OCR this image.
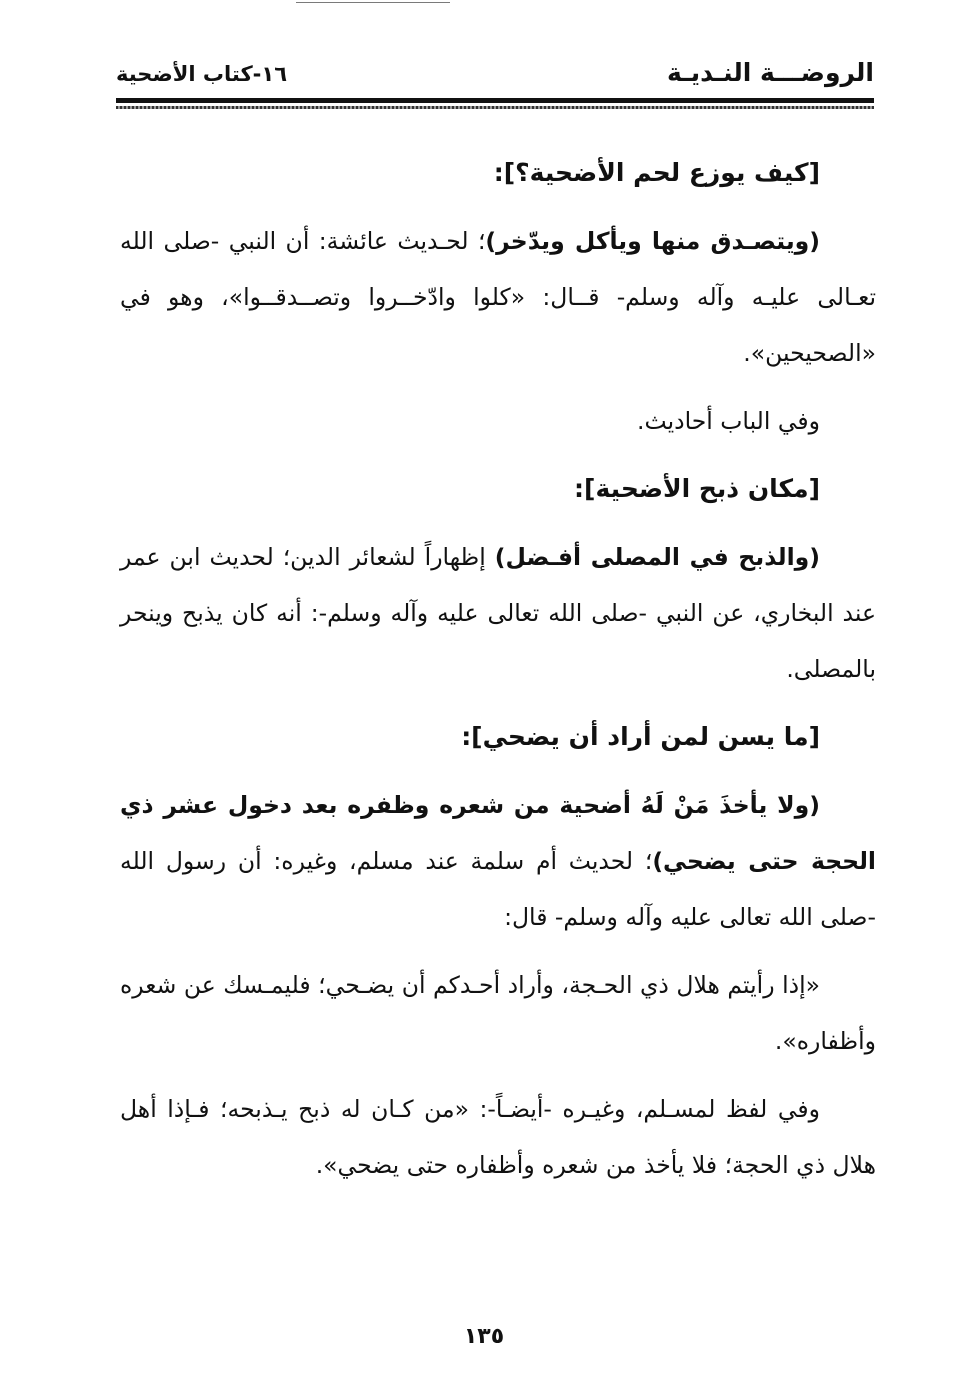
الروضـــة النـديـة
١٦-كتاب الأضحية
[كيف يوزع لحم الأضحية؟]:

(ويتصـدق منها ويأكل ويدّخر)؛ لحـديث عائشة: أن النبي -صلى الله تعـالى عليـه وآله وسلم- قــال: «كلوا وادّخــروا وتصــدقــوا»، وهو في «الصحيحين».

وفي الباب أحاديث.

[مكان ذبح الأضحية]:

(والذبح في المصلى أفـضل) إظهاراً لشعائر الدين؛ لحديث ابن عمر عند البخاري، عن النبي -صلى الله تعالى عليه وآله وسلم-: أنه كان يذبح وينحر بالمصلى.

[ما يسن لمن أراد أن يضحي]:

(ولا يأخذَ مَنْ لَهُ أضحية من شعره وظفره بعد دخول عشر ذي الحجة حتى يضحي)؛ لحديث أم سلمة عند مسلم، وغيره: أن رسول الله -صلى الله تعالى عليه وآله وسلم- قال:

«إذا رأيتم هلال ذي الحـجة، وأراد أحـدكم أن يضـحي؛ فليمـسك عن شعره وأظفاره».

وفي لفظ لمسـلم، وغيـره -أيضـاً-: «من كـان له ذبح يـذبحه؛ فـإذا أهل هلال ذي الحجة؛ فلا يأخذ من شعره وأظفاره حتى يضحي».

١٣٥
